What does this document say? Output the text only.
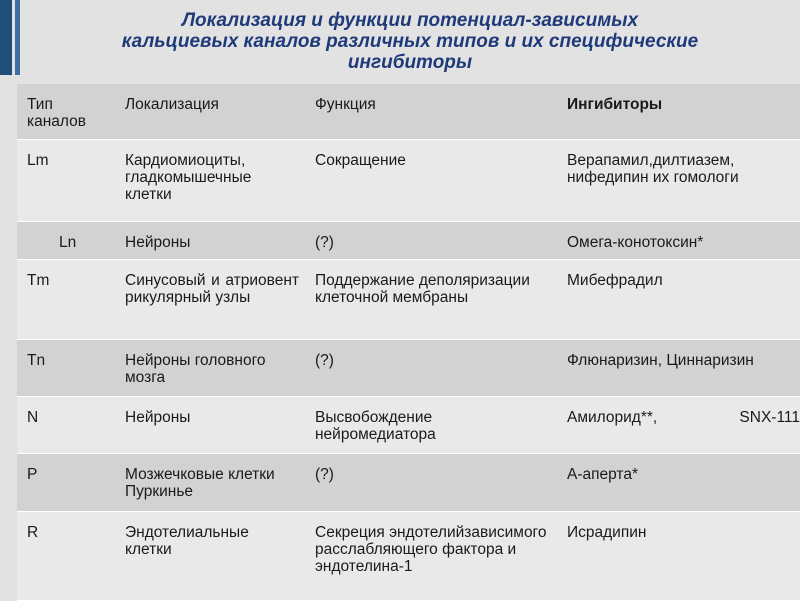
Локализация и функции потенциал-зависимых
кальциевых каналов различных типов и их специфические
ингибиторы
Тип каналов	Локализация	Функция	Ингибиторы
Lm	Кардиомиоциты, гладкомышечные клетки	Сокращение	Верапамил,дилтиазем, нифедипин их гомологи
Ln	Нейроны	(?)	Омега-конотоксин*
Tm	Синусовый и атриовентрикулярный узлы	Поддержание деполяризации клеточной мембраны	Мибефрадил
Tn	Нейроны головного мозга	(?)	Флюнаризин, Циннаризин
N	Нейроны	Высвобождение нейромедиатора	Амилорид**, SNX-111

P	Мозжечковые клетки Пуркинье	(?)	А-аперта*
R	Эндотелиальные клетки	Секреция эндотелийзависимого расслабляющего фактора и эндотелина-1	Исрадипин
